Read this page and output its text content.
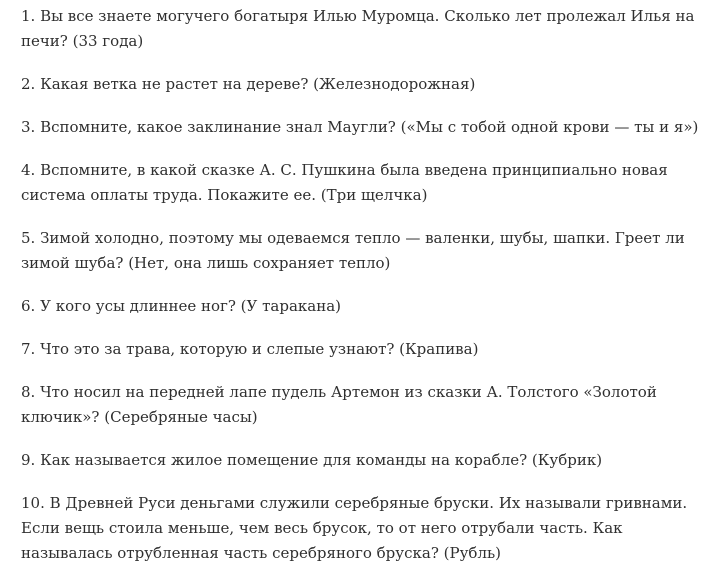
1. Вы все знаете могучего богатыря Илью Муромца. Сколько лет пролежал Илья на печи? (33 года)

2. Какая ветка не растет на дереве? (Железнодорожная)

3. Вспомните, какое заклинание знал Маугли? («Мы с тобой одной крови — ты и я»)

4. Вспомните, в какой сказке А. С. Пушкина была введена принципиально новая система оплаты труда. Покажите ее. (Три щелчка)

5. Зимой холодно, поэтому мы одеваемся тепло — валенки, шубы, шапки. Греет ли зимой шуба? (Нет, она лишь сохраняет тепло)

6. У кого усы длиннее ног? (У таракана)

7. Что это за трава, которую и слепые узнают? (Крапива)

8. Что носил на передней лапе пудель Артемон из сказки А. Толстого «Золотой ключик»? (Серебряные часы)

9. Как называется жилое помещение для команды на корабле? (Кубрик)

10. В Древней Руси деньгами служили серебряные бруски. Их называли гривнами. Если вещь стоила меньше, чем весь брусок, то от него отрубали часть. Как называлась отрубленная часть серебряного бруска? (Рубль)
